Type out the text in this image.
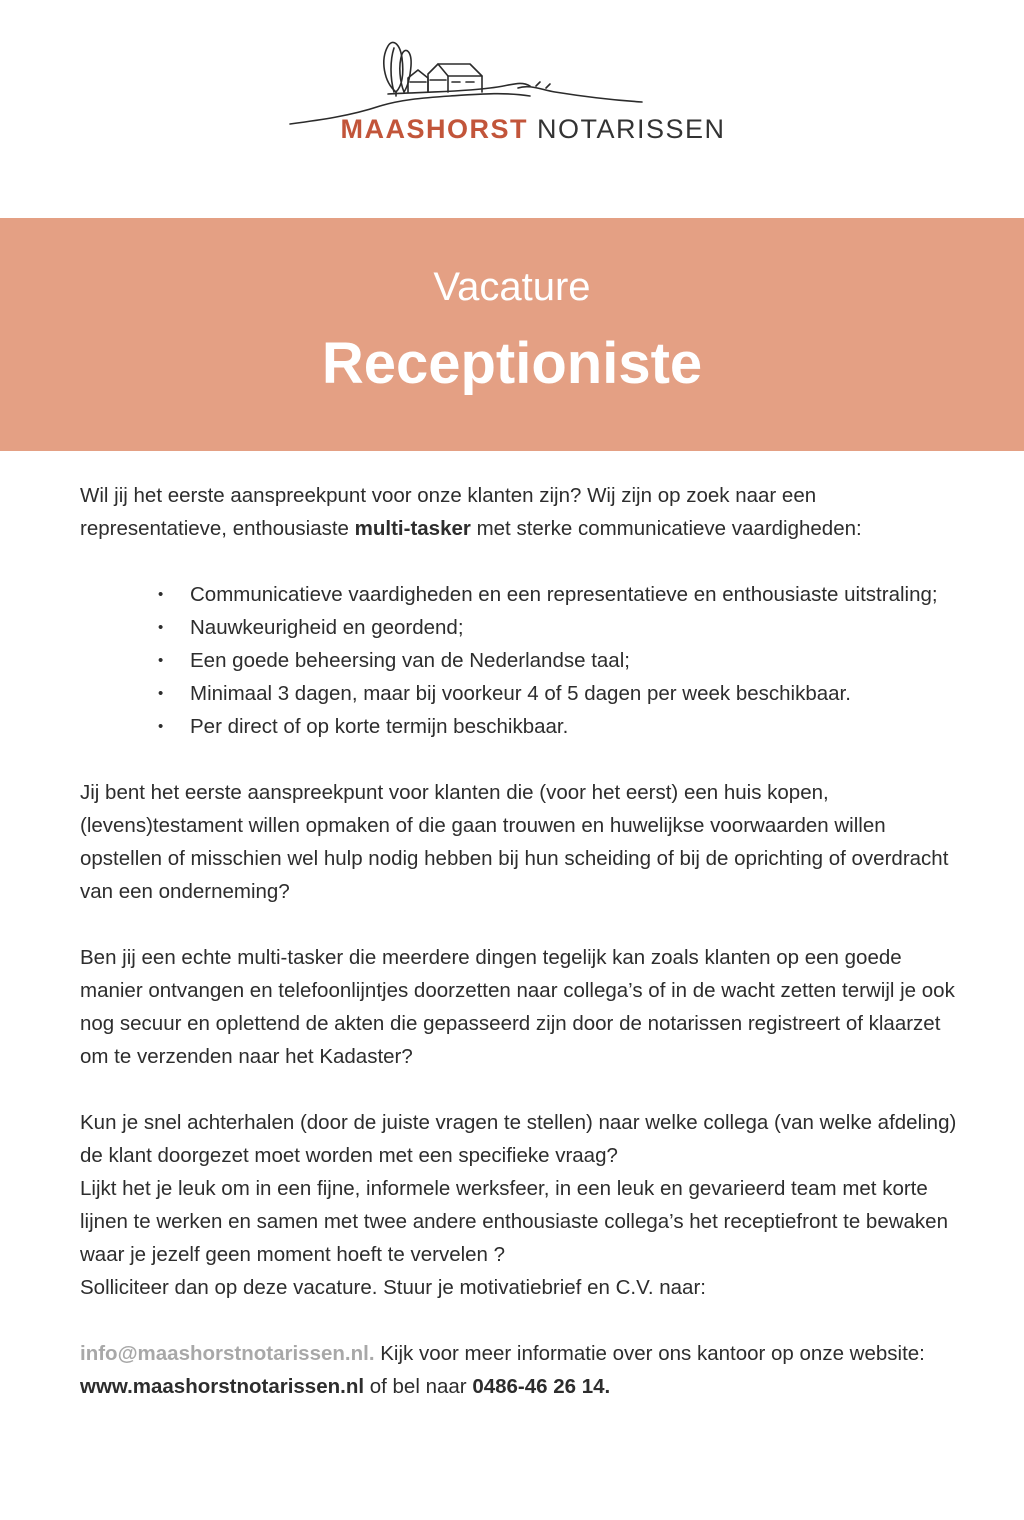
MAASHORST NOTARISSEN
Vacature
Receptioniste

Wil jij het eerste aanspreekpunt voor onze klanten zijn? Wij zijn op zoek naar een representatieve, enthousiaste multi-tasker met sterke communicatieve vaardigheden:

• Communicatieve vaardigheden en een representatieve en enthousiaste uitstraling;
• Nauwkeurigheid en geordend;
• Een goede beheersing van de Nederlandse taal;
• Minimaal 3 dagen, maar bij voorkeur 4 of 5 dagen per week beschikbaar.
• Per direct of op korte termijn beschikbaar.

Jij bent het eerste aanspreekpunt voor klanten die (voor het eerst) een huis kopen, (levens)testament willen opmaken of die gaan trouwen en huwelijkse voorwaarden willen opstellen of misschien wel hulp nodig hebben bij hun scheiding of bij de oprichting of overdracht van een onderneming?

Ben jij een echte multi-tasker die meerdere dingen tegelijk kan zoals klanten op een goede manier ontvangen en telefoonlijntjes doorzetten naar collega’s of in de wacht zetten terwijl je ook nog secuur en oplettend de akten die gepasseerd zijn door de notarissen registreert of klaarzet om te verzenden naar het Kadaster?

Kun je snel achterhalen (door de juiste vragen te stellen) naar welke collega (van welke afdeling) de klant doorgezet moet worden met een specifieke vraag?

Lijkt het je leuk om in een fijne, informele werksfeer, in een leuk en gevarieerd team met korte lijnen te werken en samen met twee andere enthousiaste collega’s het receptiefront te bewaken waar je jezelf geen moment hoeft te vervelen ?

Solliciteer dan op deze vacature. Stuur je motivatiebrief en C.V. naar:

info@maashorstnotarissen.nl. Kijk voor meer informatie over ons kantoor op onze website: www.maashorstnotarissen.nl of bel naar 0486-46 26 14.
